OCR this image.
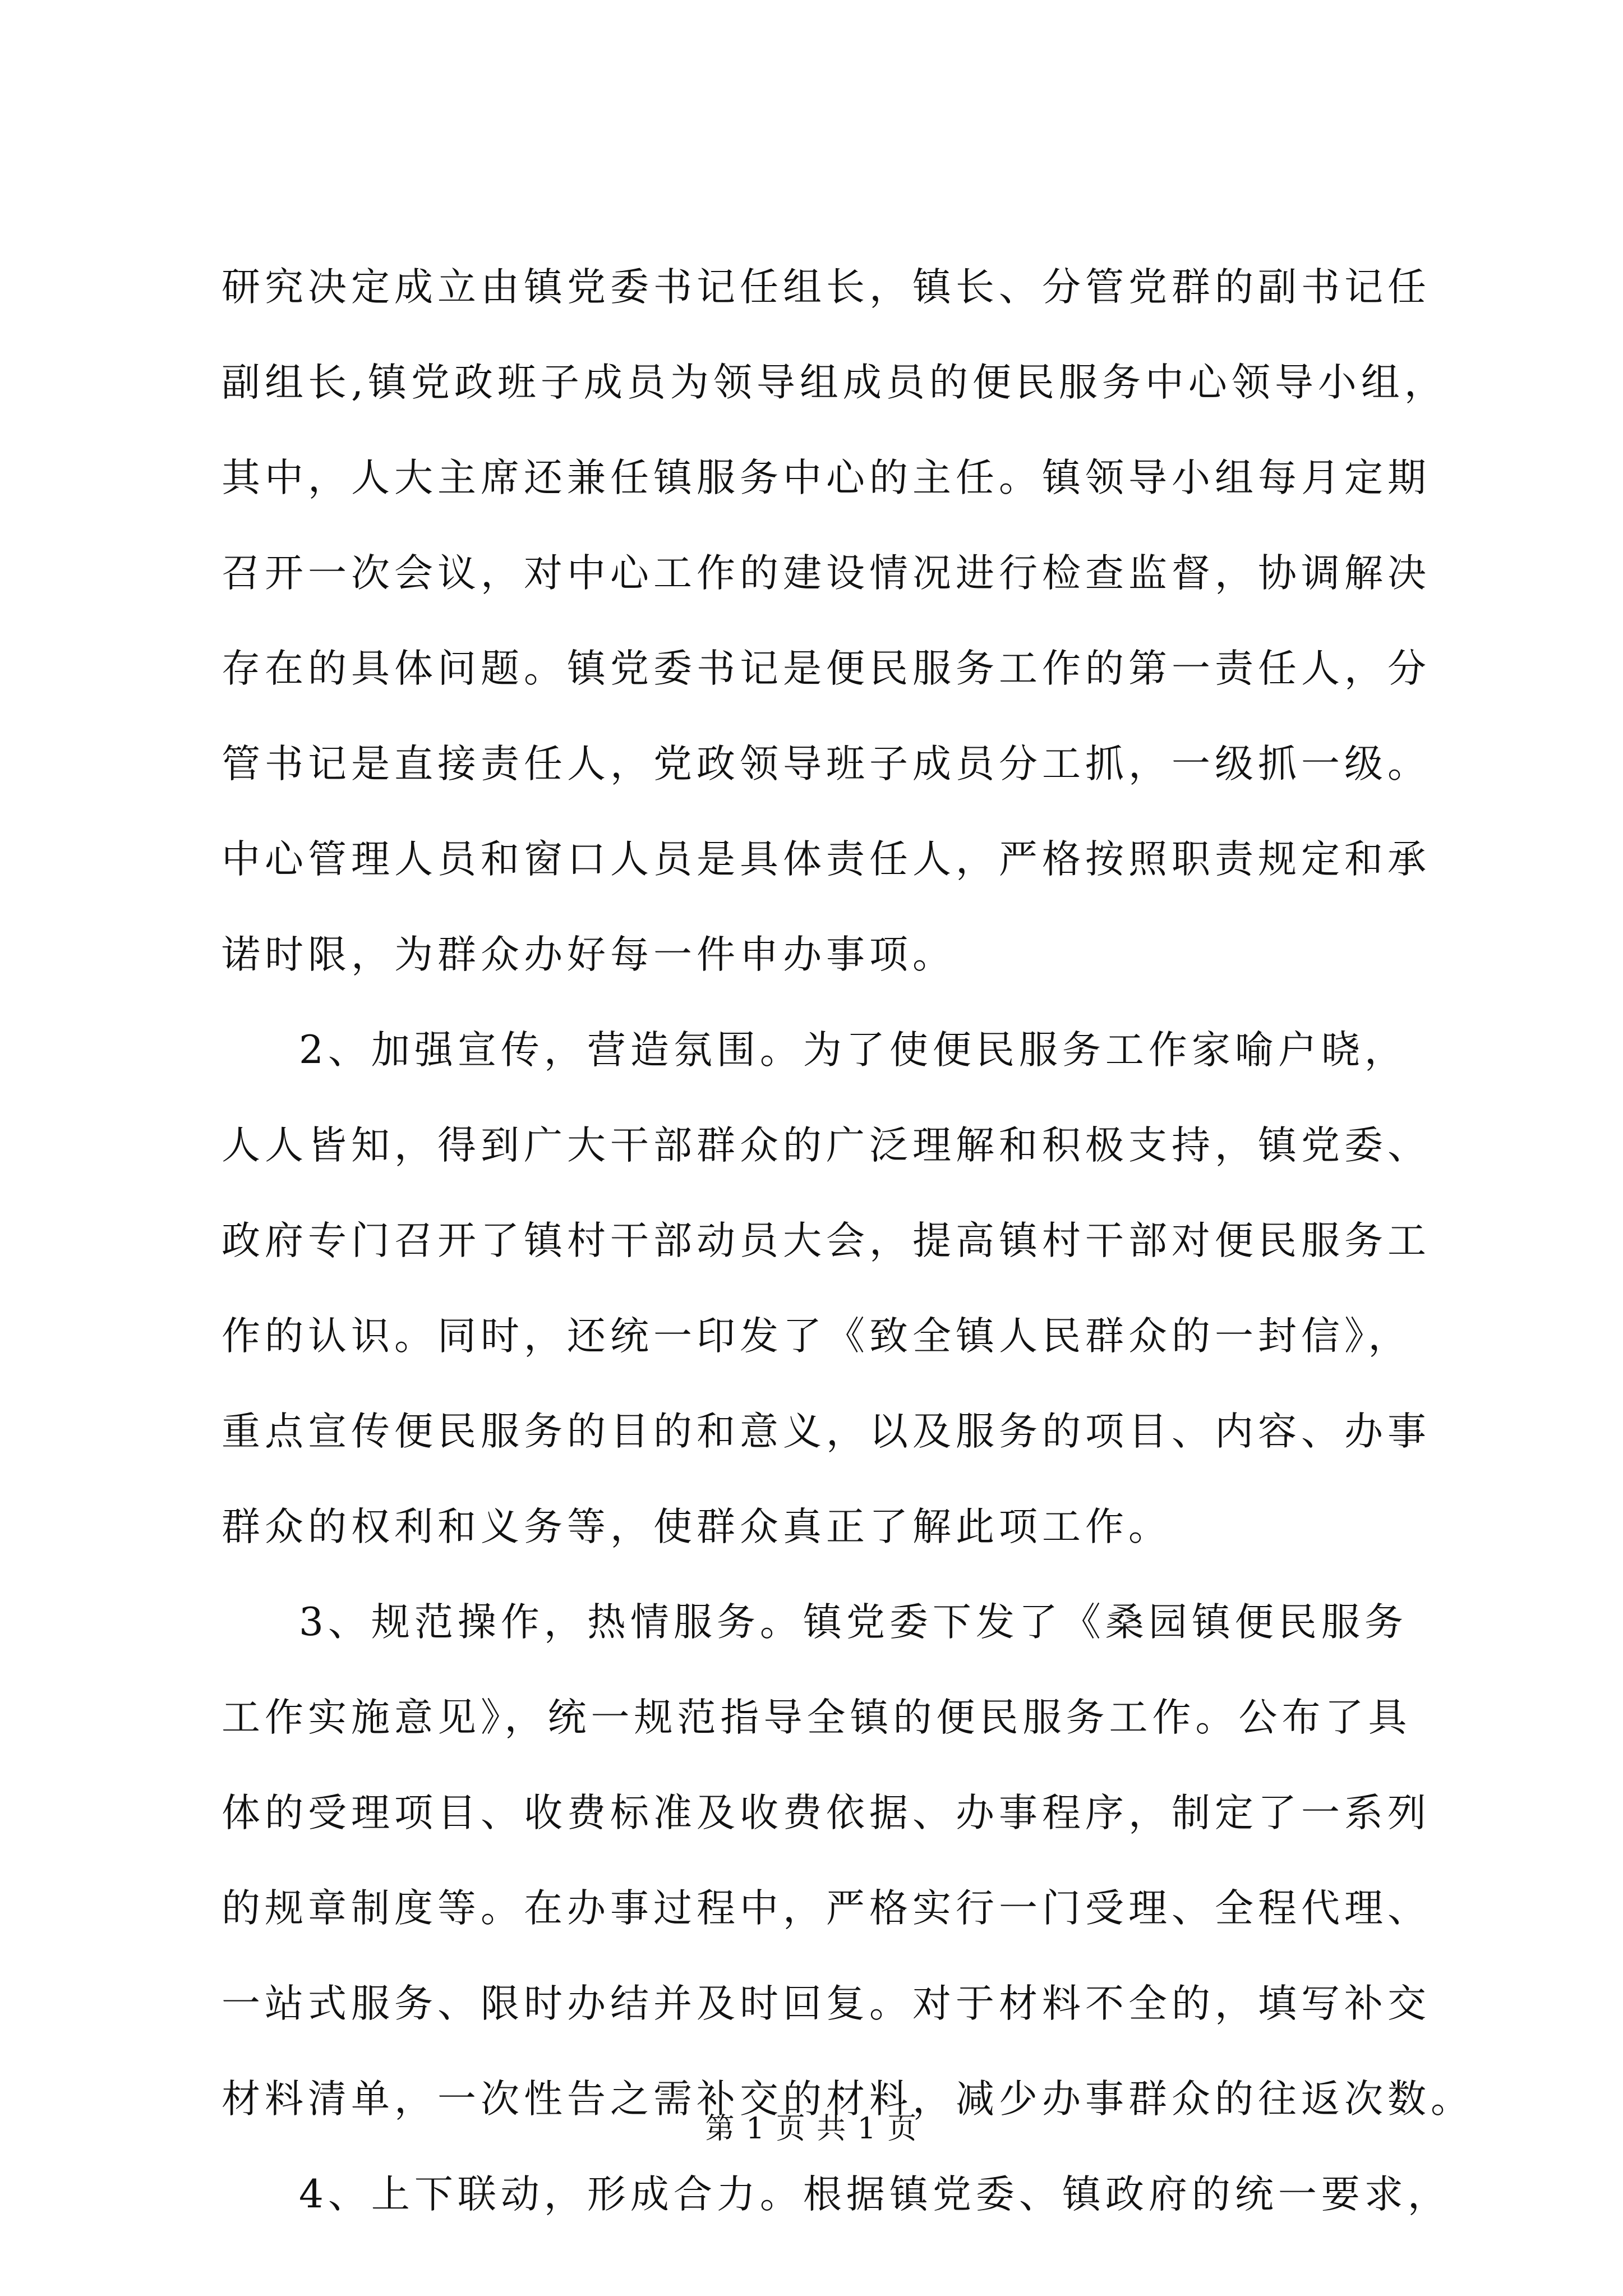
研究决定成立由镇党委书记任组长，镇长、分管党群的副书记任
副组长,镇党政班子成员为领导组成员的便民服务中心领导小组，
其中，人大主席还兼任镇服务中心的主任。镇领导小组每月定期
召开一次会议，对中心工作的建设情况进行检查监督，协调解决
存在的具体问题。镇党委书记是便民服务工作的第一责任人，分
管书记是直接责任人，党政领导班子成员分工抓，一级抓一级。
中心管理人员和窗口人员是具体责任人，严格按照职责规定和承
诺时限，为群众办好每一件申办事项。
2、加强宣传，营造氛围。为了使便民服务工作家喻户晓，
人人皆知，得到广大干部群众的广泛理解和积极支持，镇党委、
政府专门召开了镇村干部动员大会，提高镇村干部对便民服务工
作的认识。同时，还统一印发了《致全镇人民群众的一封信》，
重点宣传便民服务的目的和意义，以及服务的项目、内容、办事
群众的权利和义务等，使群众真正了解此项工作。
3、规范操作，热情服务。镇党委下发了《桑园镇便民服务
工作实施意见》，统一规范指导全镇的便民服务工作。公布了具
体的受理项目、收费标准及收费依据、办事程序，制定了一系列
的规章制度等。在办事过程中，严格实行一门受理、全程代理、
一站式服务、限时办结并及时回复。对于材料不全的，填写补交
材料清单，一次性告之需补交的材料，减少办事群众的往返次数。
4、上下联动，形成合力。根据镇党委、镇政府的统一要求，
第 1 页 共 1 页
